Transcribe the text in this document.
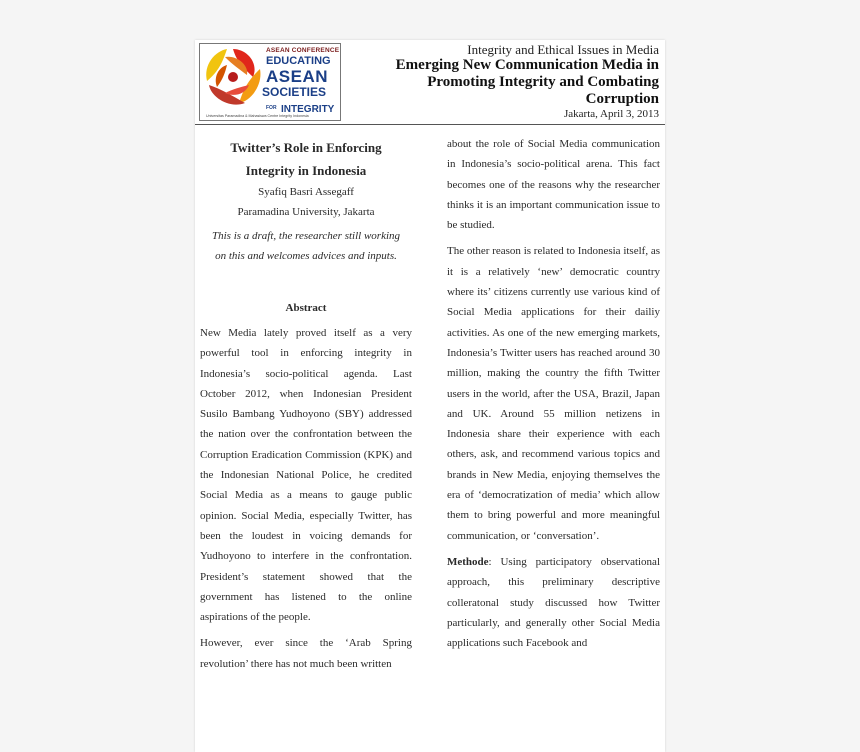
ASEAN CONFERENCE
EDUCATING
ASEAN
SOCIETIES
FOR INTEGRITY
Universitas Paramadina & Mahasiswa Centre Integrity Indonesia
Integrity and Ethical Issues in Media
Emerging New Communication Media in Promoting Integrity and Combating Corruption
Jakarta, April 3, 2013

Twitter’s Role in Enforcing

Integrity in Indonesia

Syafiq Basri Assegaff

Paramadina University, Jakarta

This is a draft, the researcher still working

on this and welcomes advices and inputs.

Abstract

New Media lately proved itself as a very powerful tool in enforcing integrity in Indonesia’s socio-political agenda. Last October 2012, when Indonesian President Susilo Bambang Yudhoyono (SBY) addressed the nation over the confrontation between the Corruption Eradication Commission (KPK) and the Indonesian National Police, he credited Social Media as a means to gauge public opinion. Social Media, especially Twitter, has been the loudest in voicing demands for Yudhoyono to interfere in the confrontation. President’s statement showed that the government has listened to the online aspirations of the people.

However, ever since the ‘Arab Spring revolution’ there has not much been written

about the role of Social Media communication in Indonesia’s socio-political arena. This fact becomes one of the reasons why the researcher thinks it is an important communication issue to be studied.

The other reason is related to Indonesia itself, as it is a relatively ‘new’ democratic country where its’ citizens currently use various kind of Social Media applications for their dailiy activities. As one of the new emerging markets, Indonesia’s Twitter users has reached around 30 million, making the country the fifth Twitter users in the world, after the USA, Brazil, Japan and UK. Around 55 million netizens in Indonesia share their experience with each others, ask, and recommend various topics and brands in New Media, enjoying themselves the era of ‘democratization of media’ which allow them to bring powerful and more meaningful communication, or ‘conversation’.

Methode: Using participatory observational approach, this preliminary descriptive colleratonal study discussed how Twitter particularly, and generally other Social Media applications such Facebook and
